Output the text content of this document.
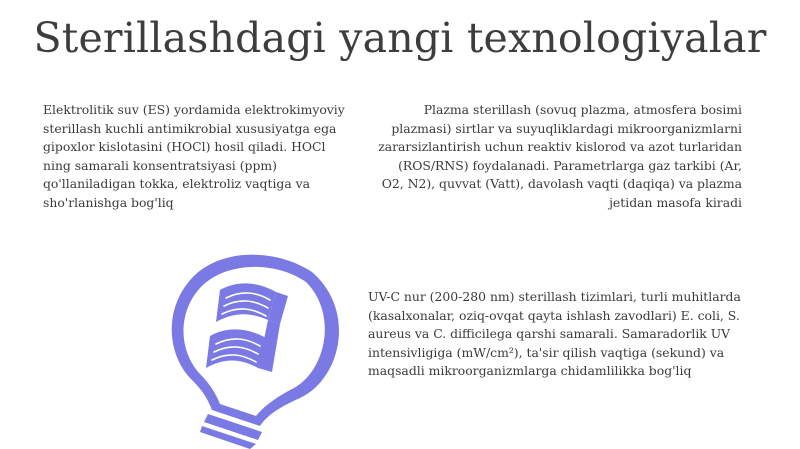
Sterillashdagi yangi texnologiyalar
Elektrolitik suv (ES) yordamida elektrokimyoviy sterillash kuchli antimikrobial xususiyatga ega gipoxlor kislotasini (HOCl) hosil qiladi. HOCl ning samarali konsentratsiyasi (ppm) qo'llaniladigan tokka, elektroliz vaqtiga va sho'rlanishga bog'liq
Plazma sterillash (sovuq plazma, atmosfera bosimi plazmasi) sirtlar va suyuqliklardagi mikroorganizmlarni zararsizlantirish uchun reaktiv kislorod va azot turlaridan (ROS/RNS) foydalanadi. Parametrlarga gaz tarkibi (Ar, O2, N2), quvvat (Vatt), davolash vaqti (daqiqa) va plazma jetidan masofa kiradi
UV-C nur (200-280 nm) sterillash tizimlari, turli muhitlarda (kasalxonalar, oziq-ovqat qayta ishlash zavodlari) E. coli, S. aureus va C. difficilega qarshi samarali. Samaradorlik UV intensivligiga (mW/cm²), ta'sir qilish vaqtiga (sekund) va maqsadli mikroorganizmlarga chidamlilikka bog'liq
